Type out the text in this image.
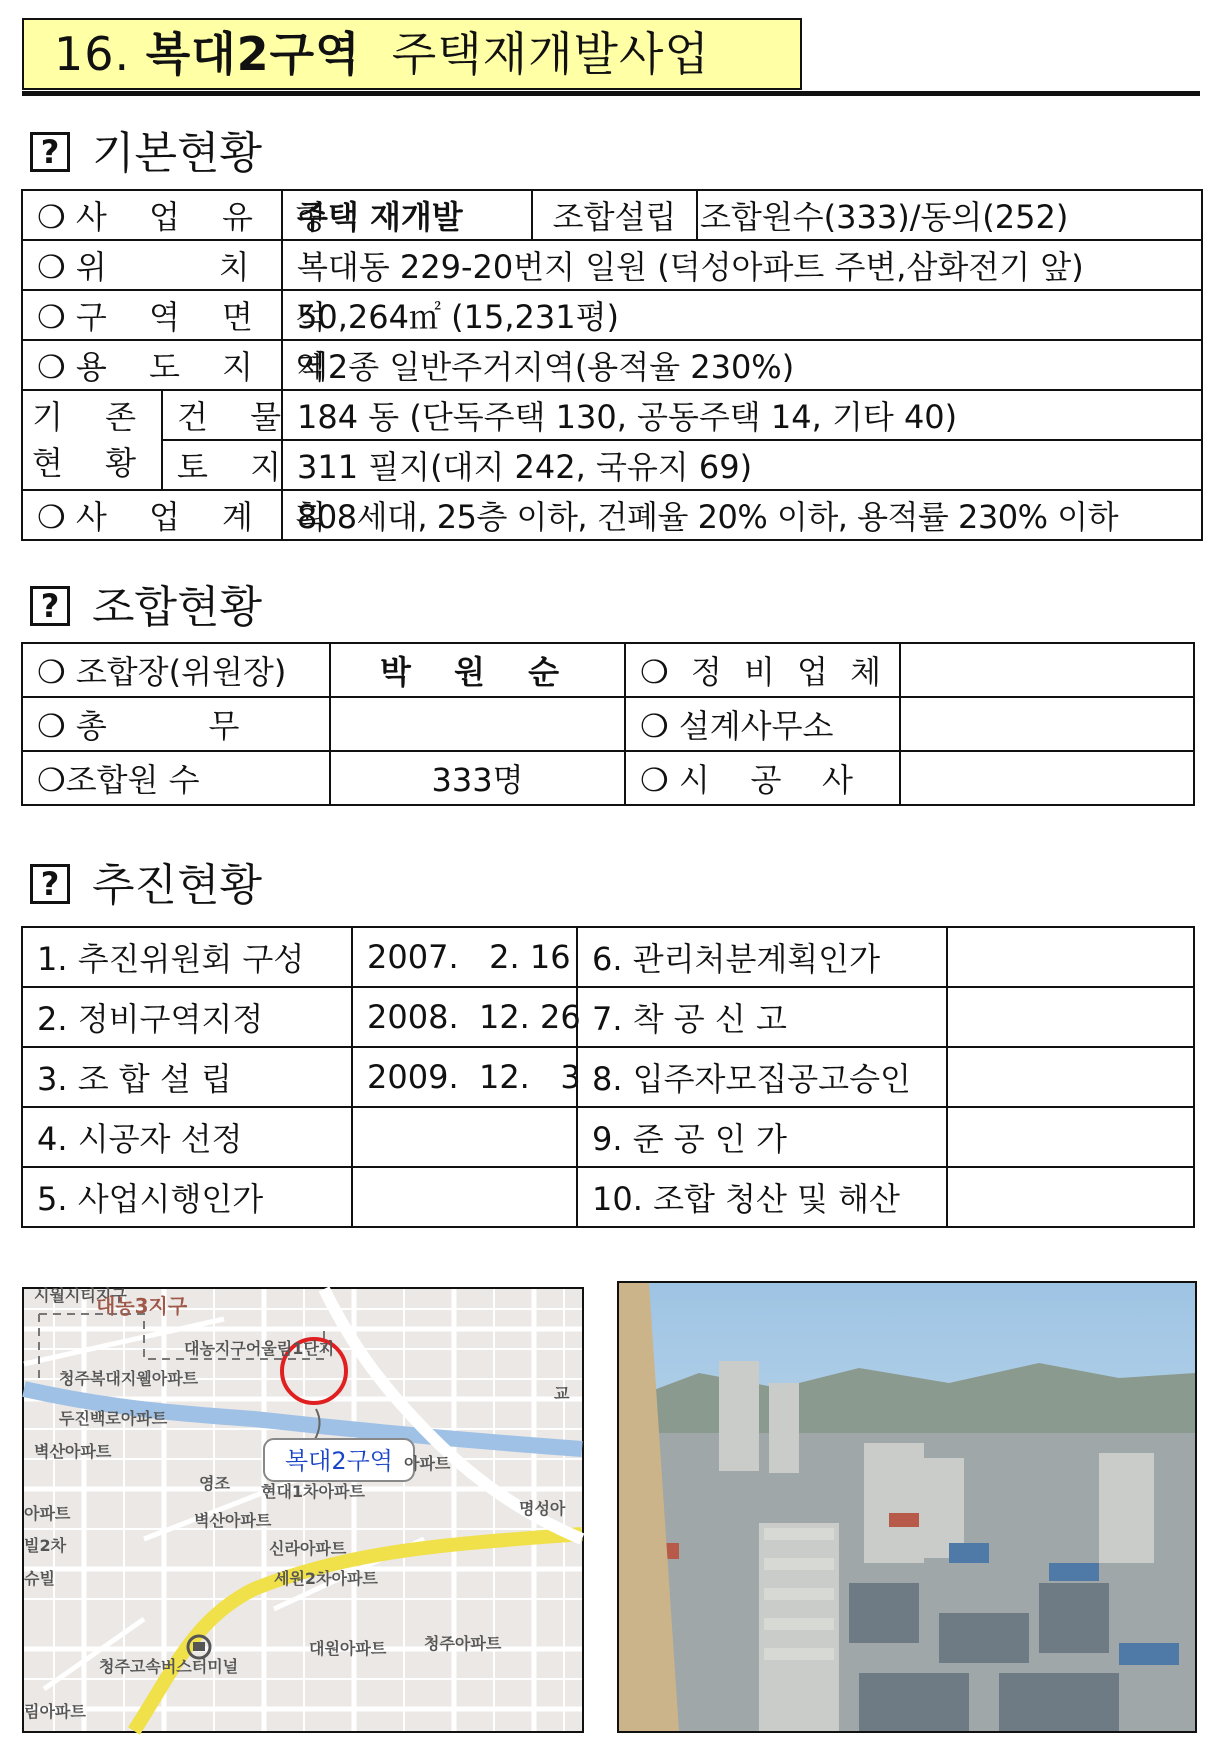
16. 복대2구역 주택재개발사업
? 기본현황
❍ 사 업 유 형		주택 재개발	조합설립	조합원수(333)/동의(252)
❍ 위           치		복대동 229-20번지 일원 (덕성아파트 주변,삼화전기 앞)		
❍ 구 역 면 적		50,264㎡ (15,231평)		
❍ 용 도 지 역		제2종 일반주거지역(용적율 230%)		

기 존
현 황	건 물	184 동 (단독주택 130, 공동주택 14, 기타 40)		
	토 지	311 필지(대지 242, 국유지 69)		
❍ 사 업 계 획		808세대, 25층 이하, 건폐율 20% 이하, 용적률 230% 이하		
? 조합현황
❍ 조합장(위원장)	박 원 순	❍ 정 비 업 체	
❍ 총          무		❍ 설계사무소	
❍조합원 수	333명	❍ 시    공    사	
? 추진현황
1. 추진위원회 구성	2007.   2. 16	6. 관리처분계획인가	
2. 정비구역지정	2008.  12. 26	7. 착 공 신 고	
3. 조 합 설 립	2009.  12.   3	8. 입주자모집공고승인	
4. 시공자 선정		9. 준 공 인 가	
5. 사업시행인가		10. 조합 청산 및 해산	
복대2구역
시월시티지구
대농3지구
대농지구어울림1단지
청주복대지웰아파트
두진백로아파트
벽산아파트
영조 현대1차아파트
벽산아파트
신라아파트
세원2차아파트
청주고속버스터미널
대원아파트 청주아파트
명성아
아파트
빌2차
슈빌
림아파트
교
아파트
